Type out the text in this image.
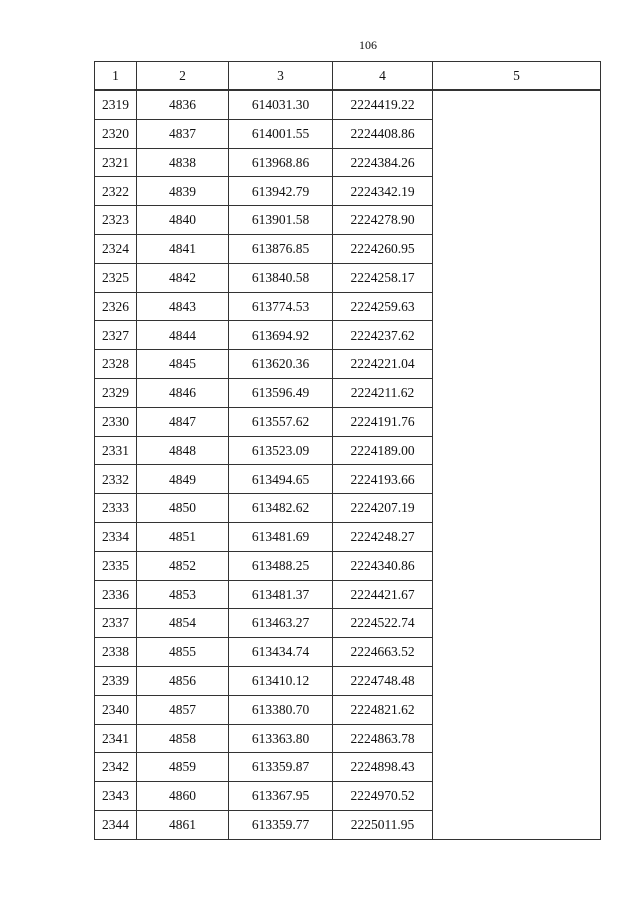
106
1	2	3	4	5
2319	4836	614031.30	2224419.22	
2320	4837	614001.55	2224408.86	
2321	4838	613968.86	2224384.26	
2322	4839	613942.79	2224342.19	
2323	4840	613901.58	2224278.90	
2324	4841	613876.85	2224260.95	
2325	4842	613840.58	2224258.17	
2326	4843	613774.53	2224259.63	
2327	4844	613694.92	2224237.62	
2328	4845	613620.36	2224221.04	
2329	4846	613596.49	2224211.62	
2330	4847	613557.62	2224191.76	
2331	4848	613523.09	2224189.00	
2332	4849	613494.65	2224193.66	
2333	4850	613482.62	2224207.19	
2334	4851	613481.69	2224248.27	
2335	4852	613488.25	2224340.86	
2336	4853	613481.37	2224421.67	
2337	4854	613463.27	2224522.74	
2338	4855	613434.74	2224663.52	
2339	4856	613410.12	2224748.48	
2340	4857	613380.70	2224821.62	
2341	4858	613363.80	2224863.78	
2342	4859	613359.87	2224898.43	
2343	4860	613367.95	2224970.52	
2344	4861	613359.77	2225011.95	
